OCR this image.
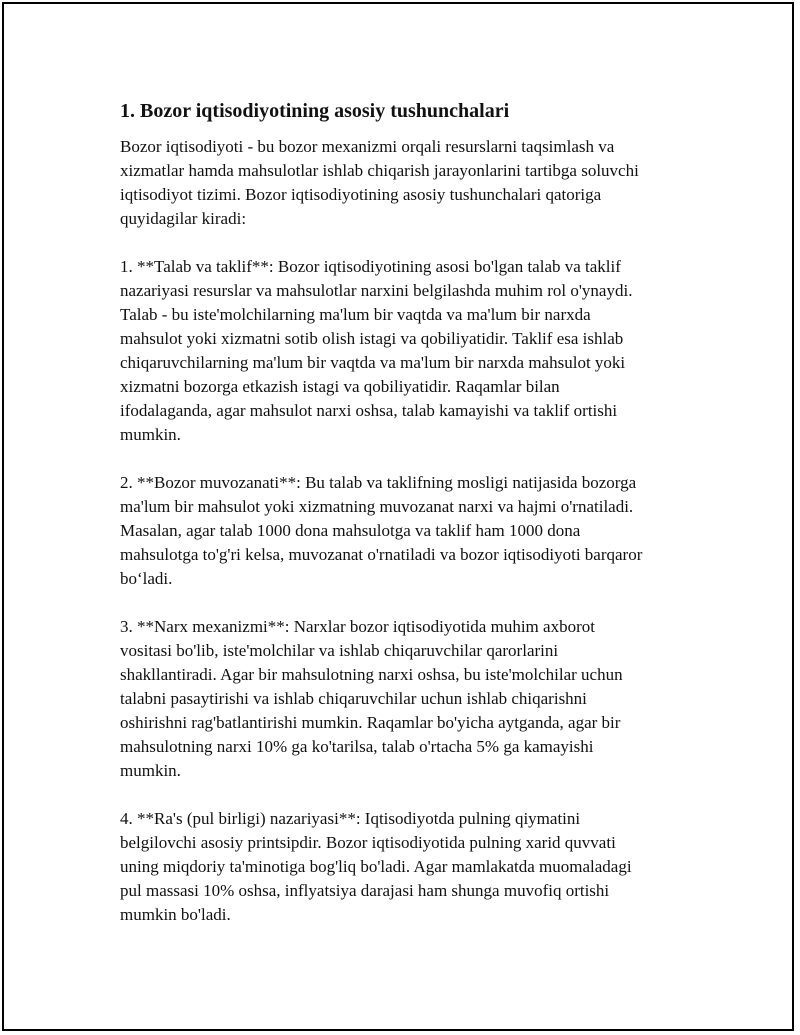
1. Bozor iqtisodiyotining asosiy tushunchalari
Bozor iqtisodiyoti - bu bozor mexanizmi orqali resurslarni taqsimlash va
xizmatlar hamda mahsulotlar ishlab chiqarish jarayonlarini tartibga soluvchi
iqtisodiyot tizimi. Bozor iqtisodiyotining asosiy tushunchalari qatoriga
quyidagilar kiradi:
1. **Talab va taklif**: Bozor iqtisodiyotining asosi bo'lgan talab va taklif
nazariyasi resurslar va mahsulotlar narxini belgilashda muhim rol o'ynaydi.
Talab - bu iste'molchilarning ma'lum bir vaqtda va ma'lum bir narxda
mahsulot yoki xizmatni sotib olish istagi va qobiliyatidir. Taklif esa ishlab
chiqaruvchilarning ma'lum bir vaqtda va ma'lum bir narxda mahsulot yoki
xizmatni bozorga etkazish istagi va qobiliyatidir. Raqamlar bilan
ifodalaganda, agar mahsulot narxi oshsa, talab kamayishi va taklif ortishi
mumkin.
2. **Bozor muvozanati**: Bu talab va taklifning mosligi natijasida bozorga
ma'lum bir mahsulot yoki xizmatning muvozanat narxi va hajmi o'rnatiladi.
Masalan, agar talab 1000 dona mahsulotga va taklif ham 1000 dona
mahsulotga to'g'ri kelsa, muvozanat o'rnatiladi va bozor iqtisodiyoti barqaror
bo‘ladi.
3. **Narx mexanizmi**: Narxlar bozor iqtisodiyotida muhim axborot
vositasi bo'lib, iste'molchilar va ishlab chiqaruvchilar qarorlarini
shakllantiradi. Agar bir mahsulotning narxi oshsa, bu iste'molchilar uchun
talabni pasaytirishi va ishlab chiqaruvchilar uchun ishlab chiqarishni
oshirishni rag'batlantirishi mumkin. Raqamlar bo'yicha aytganda, agar bir
mahsulotning narxi 10% ga ko'tarilsa, talab o'rtacha 5% ga kamayishi
mumkin.
4. **Ra's (pul birligi) nazariyasi**: Iqtisodiyotda pulning qiymatini
belgilovchi asosiy printsipdir. Bozor iqtisodiyotida pulning xarid quvvati
uning miqdoriy ta'minotiga bog'liq bo'ladi. Agar mamlakatda muomaladagi
pul massasi 10% oshsa, inflyatsiya darajasi ham shunga muvofiq ortishi
mumkin bo'ladi.
